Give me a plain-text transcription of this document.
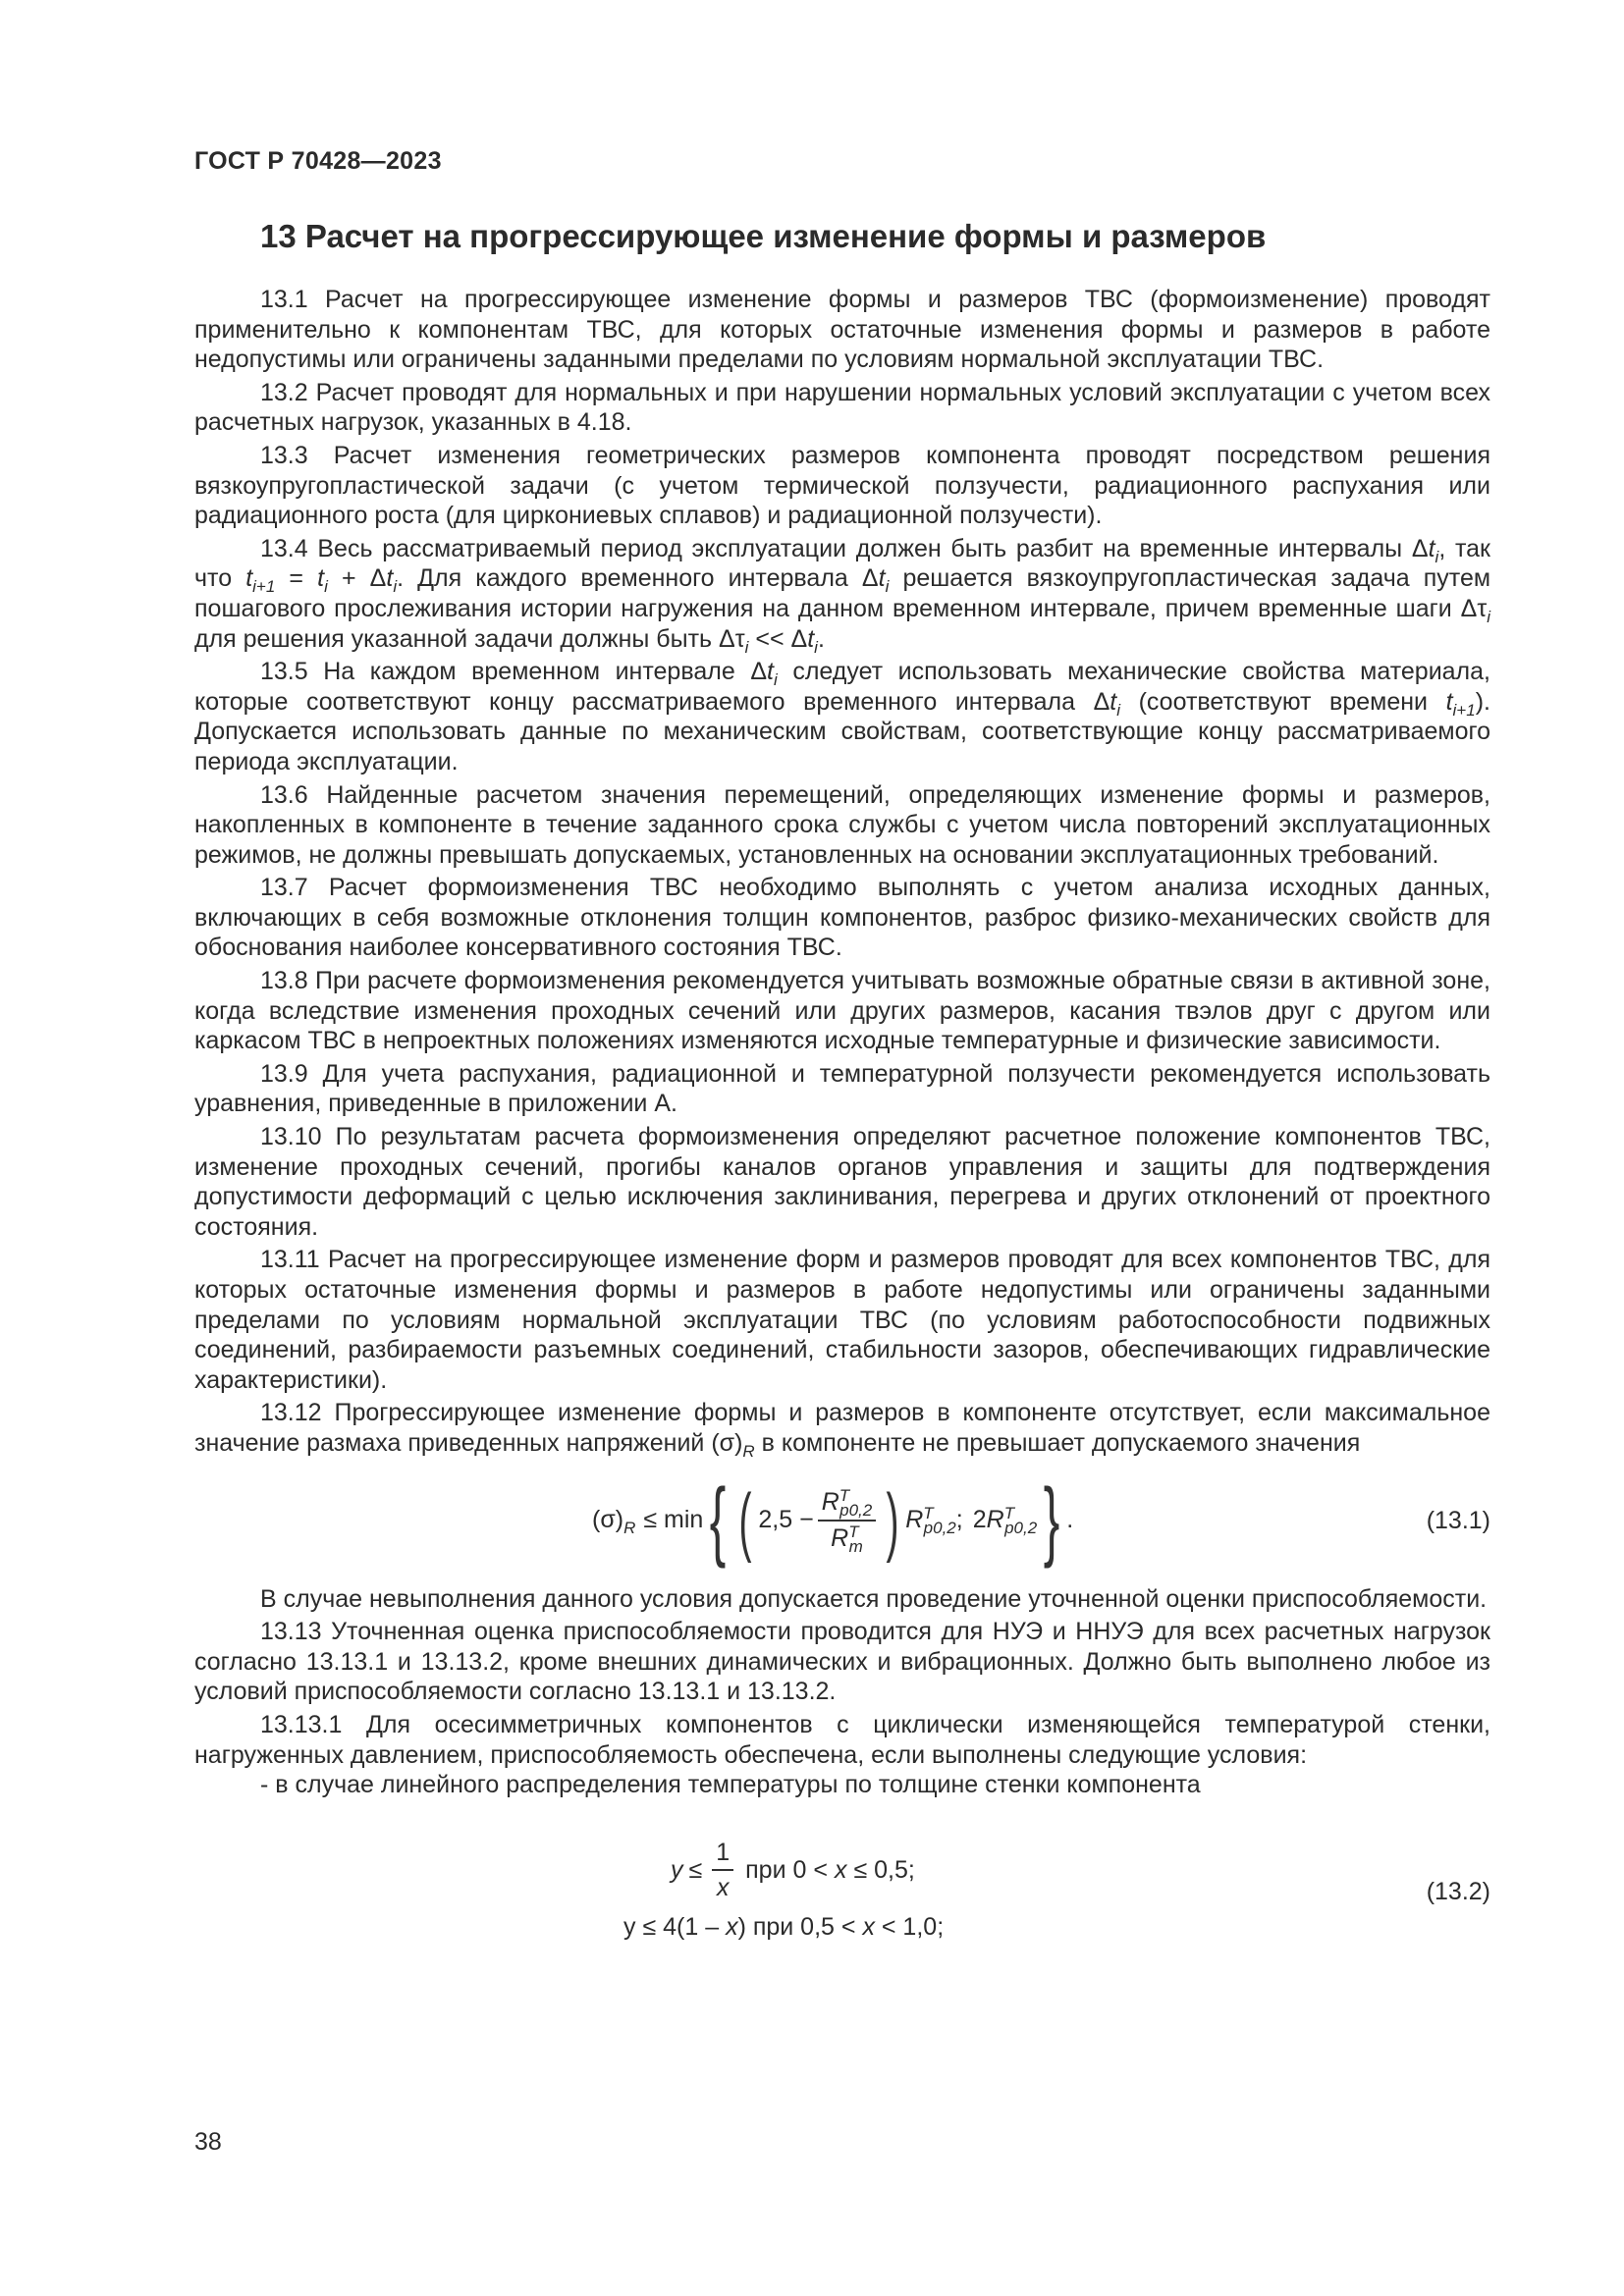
ГОСТ Р 70428—2023
13 Расчет на прогрессирующее изменение формы и размеров

13.1 Расчет на прогрессирующее изменение формы и размеров ТВС (формоизменение) проводят применительно к компонентам ТВС, для которых остаточные изменения формы и размеров в работе недопустимы или ограничены заданными пределами по условиям нормальной эксплуатации ТВС.

13.2 Расчет проводят для нормальных и при нарушении нормальных условий эксплуатации с учетом всех расчетных нагрузок, указанных в 4.18.

13.3 Расчет изменения геометрических размеров компонента проводят посредством решения вязкоупругопластической задачи (с учетом термической ползучести, радиационного распухания или радиационного роста (для циркониевых сплавов) и радиационной ползучести).

13.4 Весь рассматриваемый период эксплуатации должен быть разбит на временные интервалы $\Delta t_i$, так что $t_{i+1} = t_i + \Delta t_i$. Для каждого временного интервала $\Delta t_i$ решается вязкоупругопластическая задача путем пошагового прослеживания истории нагружения на данном временном интервале, причем временные шаги $\Delta\tau_i$ для решения указанной задачи должны быть $\Delta\tau_i << \Delta t_i$.

13.5 На каждом временном интервале $\Delta t_i$ следует использовать механические свойства материала, которые соответствуют концу рассматриваемого временного интервала $\Delta t_i$ (соответствуют времени $t_{i+1}$). Допускается использовать данные по механическим свойствам, соответствующие концу рассматриваемого периода эксплуатации.

13.6 Найденные расчетом значения перемещений, определяющих изменение формы и размеров, накопленных в компоненте в течение заданного срока службы с учетом числа повторений эксплуатационных режимов, не должны превышать допускаемых, установленных на основании эксплуатационных требований.

13.7 Расчет формоизменения ТВС необходимо выполнять с учетом анализа исходных данных, включающих в себя возможные отклонения толщин компонентов, разброс физико-механических свойств для обоснования наиболее консервативного состояния ТВС.

13.8 При расчете формоизменения рекомендуется учитывать возможные обратные связи в активной зоне, когда вследствие изменения проходных сечений или других размеров, касания твэлов друг с другом или каркасом ТВС в непроектных положениях изменяются исходные температурные и физические зависимости.

13.9 Для учета распухания, радиационной и температурной ползучести рекомендуется использовать уравнения, приведенные в приложении А.

13.10 По результатам расчета формоизменения определяют расчетное положение компонентов ТВС, изменение проходных сечений, прогибы каналов органов управления и защиты для подтверждения допустимости деформаций с целью исключения заклинивания, перегрева и других отклонений от проектного состояния.

13.11 Расчет на прогрессирующее изменение форм и размеров проводят для всех компонентов ТВС, для которых остаточные изменения формы и размеров в работе недопустимы или ограничены заданными пределами по условиям нормальной эксплуатации ТВС (по условиям работоспособности подвижных соединений, разбираемости разъемных соединений, стабильности зазоров, обеспечивающих гидравлические характеристики).

13.12 Прогрессирующее изменение формы и размеров в компоненте отсутствует, если максимальное значение размаха приведенных напряжений $(\sigma)_R$ в компоненте не превышает допускаемого значения

$(\sigma)_R \le \min$ { ( $2,5 - \frac{R^T_{p0,2}}{R^T_m}$ ) $R^T_{p0,2}$ ; $2R^T_{p0,2}$ } .	(13.1)

В случае невыполнения данного условия допускается проведение уточненной оценки приспособляемости.

13.13 Уточненная оценка приспособляемости проводится для НУЭ и ННУЭ для всех расчетных нагрузок согласно 13.13.1 и 13.13.2, кроме внешних динамических и вибрационных. Должно быть выполнено любое из условий приспособляемости согласно 13.13.1 и 13.13.2.

13.13.1 Для осесимметричных компонентов с циклически изменяющейся температурой стенки, нагруженных давлением, приспособляемость обеспечена, если выполнены следующие условия:

- в случае линейного распределения температуры по толщине стенки компонента

$y \le \frac{1}{x}$ при 0 < x ≤ 0,5;
y ≤ 4(1 – x) при 0,5 < x < 1,0;
(13.2)
38
